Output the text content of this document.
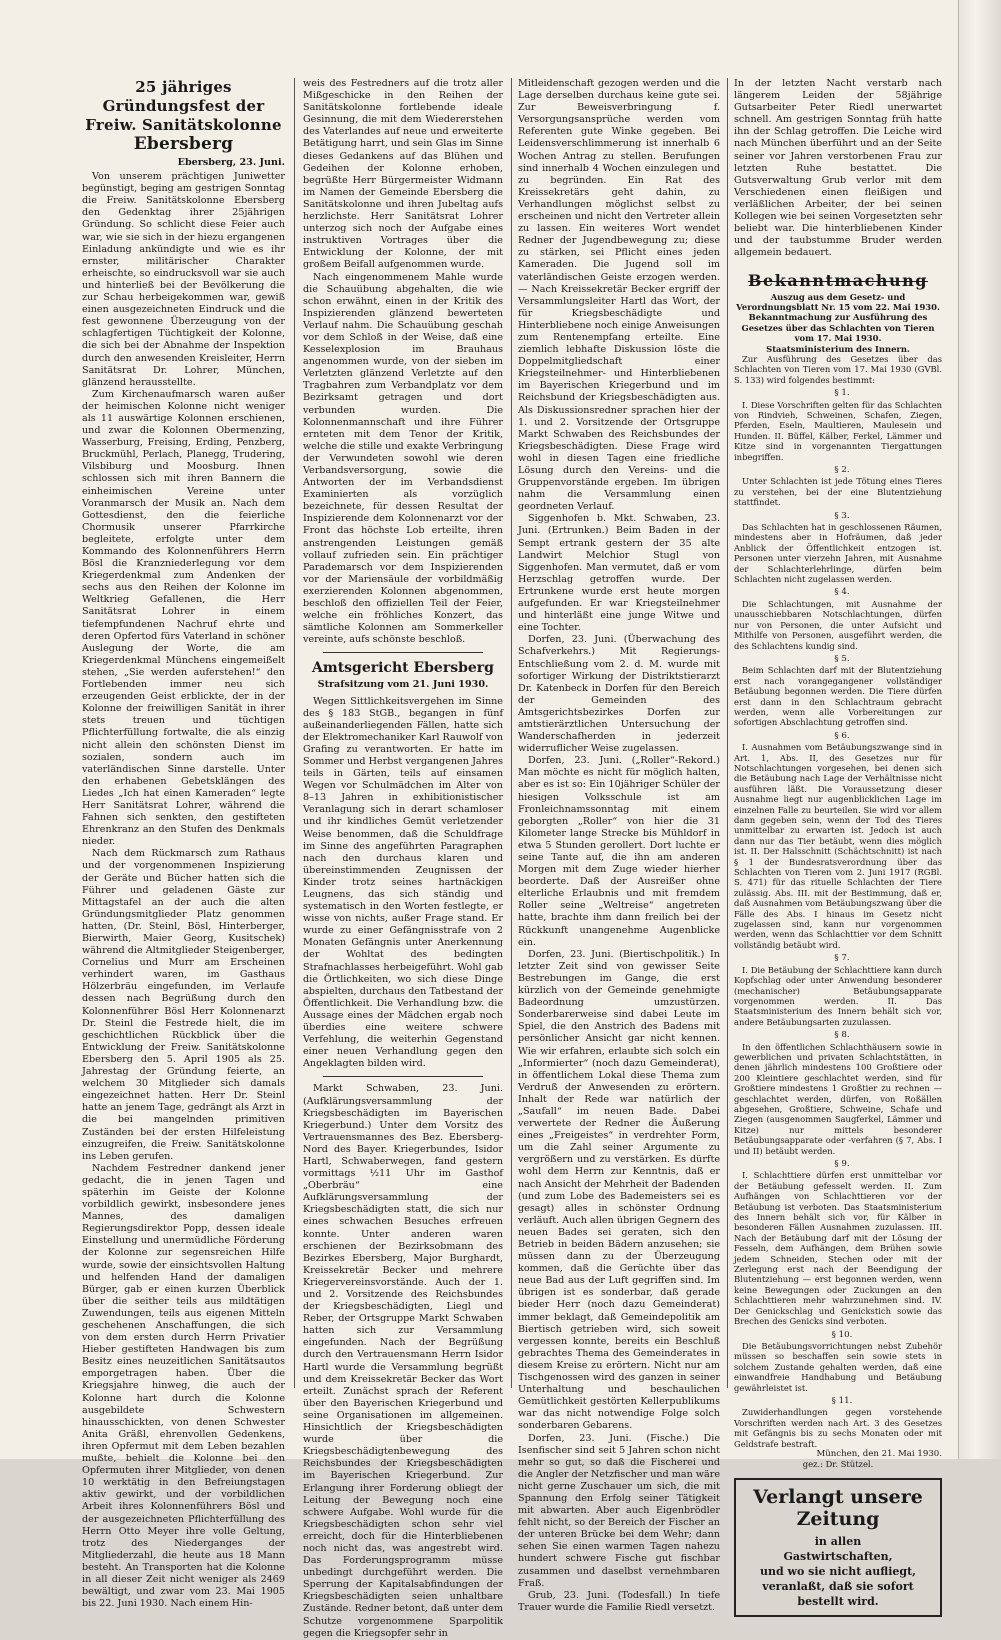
25 jähriges Gründungsfest der
Freiw. Sanitätskolonne
Ebersberg
Ebersberg, 23. Juni.

Von unserem prächtigen Juniwetter begünstigt, beging am gestrigen Sonntag die Freiw. Sanitätskolonne Ebersberg den Gedenktag ihrer 25jährigen Gründung. So schlicht diese Feier auch war, wie sie sich in der hiezu ergangenen Einladung ankündigte und wie es ihr ernster, militärischer Charakter erheischte, so eindrucksvoll war sie auch und hinterließ bei der Bevölkerung die zur Schau herbeigekommen war, gewiß einen ausgezeichneten Eindruck und die fest gewonnene Überzeugung von der schlagfertigen Tüchtigkeit der Kolonne, die sich bei der Abnahme der Inspektion durch den anwesenden Kreisleiter, Herrn Sanitätsrat Dr. Lohrer, München, glänzend herausstellte.

Zum Kirchenaufmarsch waren außer der heimischen Kolonne nicht weniger als 11 auswärtige Kolonnen erschienen, und zwar die Kolonnen Obermenzing, Wasserburg, Freising, Erding, Penzberg, Bruckmühl, Perlach, Planegg, Trudering, Vilsbiburg und Moosburg. Ihnen schlossen sich mit ihren Bannern die einheimischen Vereine unter Voranmarsch der Musik an. Nach dem Gottesdienst, den die feierliche Chormusik unserer Pfarrkirche begleitete, erfolgte unter dem Kommando des Kolonnenführers Herrn Bösl die Kranzniederlegung vor dem Kriegerdenkmal zum Andenken der sechs aus den Reihen der Kolonne im Weltkrieg Gefallenen, die Herr Sanitätsrat Lohrer in einem tiefempfundenen Nachruf ehrte und deren Opfertod fürs Vaterland in schöner Auslegung der Worte, die am Kriegerdenkmal Münchens eingemeißelt stehen, „Sie werden auferstehen!“ den Fortlebenden immer neu sich erzeugenden Geist erblickte, der in der Kolonne der freiwilligen Sanität in ihrer stets treuen und tüchtigen Pflichterfüllung fortwalte, die als einzig nicht allein den schönsten Dienst im sozialen, sondern auch im vaterländischen Sinne darstelle. Unter den erhabenen Gebetsklängen des Liedes „Ich hat einen Kameraden“ legte Herr Sanitätsrat Lohrer, während die Fahnen sich senkten, den gestifteten Ehrenkranz an den Stufen des Denkmals nieder.

Nach dem Rückmarsch zum Rathaus und der vorgenommenen Inspizierung der Geräte und Bücher hatten sich die Führer und geladenen Gäste zur Mittagstafel an der auch die alten Gründungsmitglieder Platz genommen hatten, (Dr. Steinl, Bösl, Hinterberger, Bierwirth, Maier Georg, Kusitschek) während die Altmitglieder Steigenberger, Cornelius und Murr am Erscheinen verhindert waren, im Gasthaus Hölzerbräu eingefunden, im Verlaufe dessen nach Begrüßung durch den Kolonnenführer Bösl Herr Kolonnenarzt Dr. Steinl die Festrede hielt, die im geschichtlichen Rückblick über die Entwicklung der Freiw. Sanitätskolonne Ebersberg den 5. April 1905 als 25. Jahrestag der Gründung feierte, an welchem 30 Mitglieder sich damals eingezeichnet hatten. Herr Dr. Steinl hatte an jenem Tage, gedrängt als Arzt in die bei mangelnden primitiven Zuständen bei der ersten Hilfeleistung einzugreifen, die Freiw. Sanitätskolonne ins Leben gerufen.

Nachdem Festredner dankend jener gedacht, die in jenen Tagen und späterhin im Geiste der Kolonne vorbildlich gewirkt, insbesondere jenes Mannes, des damaligen Regierungsdirektor Popp, dessen ideale Einstellung und unermüdliche Förderung der Kolonne zur segensreichen Hilfe wurde, sowie der einsichtsvollen Haltung und helfenden Hand der damaligen Bürger, gab er einen kurzen Überblick über die seither teils aus mildtätigen Zuwendungen, teils aus eigenen Mitteln geschehenen Anschaffungen, die sich von dem ersten durch Herrn Privatier Hieber gestifteten Handwagen bis zum Besitz eines neuzeitlichen Sanitätsautos emporgetragen haben. Über die Kriegsjahre hinweg, die auch der Kolonne hart durch die Kolonne ausgebildete Schwestern hinausschickten, von denen Schwester Anita Gräßl, ehrenvollen Gedenkens, ihren Opfermut mit dem Leben bezahlen mußte, behielt die Kolonne bei den Opfermuten ihrer Mitglieder, von denen 10 werktätig in den Befreiungstagen aktiv gewirkt, und der vorbildlichen Arbeit ihres Kolonnenführers Bösl und der ausgezeichneten Pflichterfüllung des Herrn Otto Meyer ihre volle Geltung, trotz des Niederganges der Mitgliederzahl, die heute aus 18 Mann besteht. An Transporten hat die Kolonne in all dieser Zeit nicht weniger als 2469 bewältigt, und zwar vom 23. Mai 1905 bis 22. Juni 1930. Nach einem Hin-

weis des Festredners auf die trotz aller Mißgeschicke in den Reihen der Sanitätskolonne fortlebende ideale Gesinnung, die mit dem Wiedererstehen des Vaterlandes auf neue und erweiterte Betätigung harrt, und sein Glas im Sinne dieses Gedankens auf das Blühen und Gedeihen der Kolonne erhoben, begrüßte Herr Bürgermeister Widmann im Namen der Gemeinde Ebersberg die Sanitätskolonne und ihren Jubeltag aufs herzlichste. Herr Sanitätsrat Lohrer unterzog sich noch der Aufgabe eines instruktiven Vortrages über die Entwicklung der Kolonne, der mit großem Beifall aufgenommen wurde.

Nach eingenommenem Mahle wurde die Schauübung abgehalten, die wie schon erwähnt, einen in der Kritik des Inspizierenden glänzend bewerteten Verlauf nahm. Die Schauübung geschah vor dem Schloß in der Weise, daß eine Kesselexplosion im Brauhaus angenommen wurde, von der sieben im Verletzten glänzend Verletzte auf den Tragbahren zum Verbandplatz vor dem Bezirksamt getragen und dort verbunden wurden. Die Kolonnenmannschaft und ihre Führer ernteten mit dem Tenor der Kritik, welche die stille und exakte Verbringung der Verwundeten sowohl wie deren Verbandsversorgung, sowie die Antworten der im Verbandsdienst Examinierten als vorzüglich bezeichnete, für dessen Resultat der Inspizierende dem Kolonnenarzt vor der Front das höchste Lob erteilte, ihren anstrengenden Leistungen gemäß vollauf zufrieden sein. Ein prächtiger Parademarsch vor dem Inspizierenden vor der Mariensäule der vorbildmäßig exerzierenden Kolonnen abgenommen, beschloß den offiziellen Teil der Feier, welche ein fröhliches Konzert, das sämtliche Kolonnen am Sommerkeller vereinte, aufs schönste beschloß.

Amtsgericht Ebersberg
Strafsitzung vom 21. Juni 1930.

Wegen Sittlichkeitsvergehen im Sinne des § 183 StGB., begangen in fünf außeinanderliegenden Fällen, hatte sich der Elektromechaniker Karl Rauwolf von Grafing zu verantworten. Er hatte im Sommer und Herbst vergangenen Jahres teils in Gärten, teils auf einsamen Wegen vor Schulmädchen im Alter von 8–13 Jahren in exhibitionistischer Veranlagung sich in derart schamloser und ihr kindliches Gemüt verletzender Weise benommen, daß die Schuldfrage im Sinne des angeführten Paragraphen nach den durchaus klaren und übereinstimmenden Zeugnissen der Kinder trotz seines hartnäckigen Leugnens, das sich ständig und systematisch in den Worten festlegte, er wisse von nichts, außer Frage stand. Er wurde zu einer Gefängnisstrafe von 2 Monaten Gefängnis unter Anerkennung der Wohltat des bedingten Strafnachlasses herbeigeführt. Wohl gab die Örtlichkeiten, wo sich diese Dinge abspielten, durchaus den Tatbestand der Öffentlichkeit. Die Verhandlung bzw. die Aussage eines der Mädchen ergab noch überdies eine weitere schwere Verfehlung, die weiterhin Gegenstand einer neuen Verhandlung gegen den Angeklagten bilden wird.

Markt Schwaben, 23. Juni. (Aufklärungsversammlung der Kriegsbeschädigten im Bayerischen Kriegerbund.) Unter dem Vorsitz des Vertrauensmannes des Bez. Ebersberg-Nord des Bayer. Kriegerbundes, Isidor Hartl, Schwaberwegen, fand gestern vormittags ½11 Uhr im Gasthof „Oberbräu“ eine Aufklärungsversammlung der Kriegsbeschädigten statt, die sich nur eines schwachen Besuches erfreuen konnte. Unter anderen waren erschienen der Bezirksobmann des Bezirkes Ebersberg, Major Burghardt, Kreissekretär Becker und mehrere Kriegervereinsvorstände. Auch der 1. und 2. Vorsitzende des Reichsbundes der Kriegsbeschädigten, Liegl und Reber, der Ortsgruppe Markt Schwaben hatten sich zur Versammlung eingefunden. Nach der Begrüßung durch den Vertrauensmann Herrn Isidor Hartl wurde die Versammlung begrüßt und dem Kreissekretär Becker das Wort erteilt. Zunächst sprach der Referent über den Bayerischen Kriegerbund und seine Organisationen im allgemeinen. Hinsichtlich der Kriegsbeschädigten wurde über die Kriegsbeschädigtenbewegung des Reichsbundes der Kriegsbeschädigten im Bayerischen Kriegerbund. Zur Erlangung ihrer Forderung obliegt der Leitung der Bewegung noch eine schwere Aufgabe. Wohl wurde für die Kriegsbeschädigten schon sehr viel erreicht, doch für die Hinterbliebenen noch nicht das, was angestrebt wird. Das Forderungsprogramm müsse unbedingt durchgeführt werden. Die Sperrung der Kapitalsabfindungen der Kriegsbeschädigten seien unhaltbare Zustände. Redner betont, daß unter dem Schutze vorgenommene Sparpolitik gegen die Kriegsopfer sehr in

Mitleidenschaft gezogen werden und die Lage derselben durchaus keine gute sei. Zur Beweisverbringung f. Versorgungsansprüche werden vom Referenten gute Winke gegeben. Bei Leidensverschlimmerung ist innerhalb 6 Wochen Antrag zu stellen. Berufungen sind innerhalb 4 Wochen einzulegen und zu begründen. Ein Rat des Kreissekretärs geht dahin, zu Verhandlungen möglichst selbst zu erscheinen und nicht den Vertreter allein zu lassen. Ein weiteres Wort wendet Redner der Jugendbewegung zu; diese zu stärken, sei Pflicht eines jeden Kameraden. Die Jugend soll im vaterländischen Geiste erzogen werden. — Nach Kreissekretär Becker ergriff der Versammlungsleiter Hartl das Wort, der für Kriegsbeschädigte und Hinterbliebene noch einige Anweisungen zum Rentenempfang erteilte. Eine ziemlich lebhafte Diskussion löste die Doppelmitgliedschaft einer Kriegsteilnehmer- und Hinterbliebenen im Bayerischen Kriegerbund und im Reichsbund der Kriegsbeschädigten aus. Als Diskussionsredner sprachen hier der 1. und 2. Vorsitzende der Ortsgruppe Markt Schwaben des Reichsbundes der Kriegsbeschädigten. Diese Frage wird wohl in diesen Tagen eine friedliche Lösung durch den Vereins- und die Gruppenvorstände ergeben. Im übrigen nahm die Versammlung einen geordneten Verlauf.

Siggenhofen b. Mkt. Schwaben, 23. Juni. (Ertrunken.) Beim Baden in der Sempt ertrank gestern der 35 alte Landwirt Melchior Stugl von Siggenhofen. Man vermutet, daß er vom Herzschlag getroffen wurde. Der Ertrunkene wurde erst heute morgen aufgefunden. Er war Kriegsteilnehmer und hinterläßt eine junge Witwe und eine Tochter.

Dorfen, 23. Juni. (Überwachung des Schafverkehrs.) Mit Regierungs-Entschließung vom 2. d. M. wurde mit sofortiger Wirkung der Distriktstierarzt Dr. Katenbeck in Dorfen für den Bereich der Gemeinden des Amtsgerichtsbezirkes Dorfen zur amtstierärztlichen Untersuchung der Wanderschafherden in jederzeit widerruflicher Weise zugelassen.

Dorfen, 23. Juni. („Roller“-Rekord.) Man möchte es nicht für möglich halten, aber es ist so: Ein 10jähriger Schüler der hiesigen Volksschule ist am Fronleichnamssonntag mit einem geborgten „Roller“ von hier die 31 Kilometer lange Strecke bis Mühldorf in etwa 5 Stunden gerollert. Dort luchte er seine Tante auf, die ihn am anderen Morgen mit dem Zuge wieder hierher beorderte. Daß der Ausreißer ohne elterliche Erlaubnis und mit fremdem Roller seine „Weltreise“ angetreten hatte, brachte ihm dann freilich bei der Rückkunft unangenehme Augenblicke ein.

Dorfen, 23. Juni. (Biertischpolitik.) In letzter Zeit sind von gewisser Seite Bestrebungen im Gange, die erst kürzlich von der Gemeinde genehmigte Badeordnung umzustürzen. Sonderbarerweise sind dabei Leute im Spiel, die den Anstrich des Badens mit persönlicher Ansicht gar nicht kennen. Wie wir erfahren, erlaubte sich solch ein „Informierter“ (noch dazu Gemeinderat), in öffentlichem Lokal diese Thema zum Verdruß der Anwesenden zu erörtern. Inhalt der Rede war natürlich der „Saufall“ im neuen Bade. Dabei verwertete der Redner die Äußerung eines „Freigeistes“ in verdrehter Form, um die Zahl seiner Argumente zu vergrößern und zu verstärken. Es dürfte wohl dem Herrn zur Kenntnis, daß er nach Ansicht der Mehrheit der Badenden (und zum Lobe des Bademeisters sei es gesagt) alles in schönster Ordnung verläuft. Auch allen übrigen Gegnern des neuen Bades sei geraten, sich den Betrieb in beiden Bädern anzusehen; sie müssen dann zu der Überzeugung kommen, daß die Gerüchte über das neue Bad aus der Luft gegriffen sind. Im übrigen ist es sonderbar, daß gerade bieder Herr (noch dazu Gemeinderat) immer beklagt, daß Gemeindepolitik am Biertisch getrieben wird, sich soweit vergessen konnte, bereits ein Beschluß gebrachtes Thema des Gemeinderates in diesem Kreise zu erörtern. Nicht nur am Tischgenossen wird des ganzen in seiner Unterhaltung und beschaulichen Gemütlichkeit gestörten Kellerpublikums war das nicht notwendige Folge solch sonderbaren Gebarens.

Dorfen, 23. Juni. (Fische.) Die Isenfischer sind seit 5 Jahren schon nicht mehr so gut, so daß die Fischerei und die Angler der Netzfischer und man wäre nicht gerne Zuschauer um sich, die mit Spannung den Erfolg seiner Tätigkeit mit abwarten. Aber auch Eigenbrödler fehlt nicht, so der Bereich der Fischer an der unteren Brücke bei dem Wehr; dann sehen Sie einen warmen Tagen nahezu hundert schwere Fische gut fischbar zusammen und daselbst vernehmbaren Fraß.

Grub, 23. Juni. (Todesfall.) In tiefe Trauer wurde die Familie Riedl versetzt.

In der letzten Nacht verstarb nach längerem Leiden der 58jährige Gutsarbeiter Peter Riedl unerwartet schnell. Am gestrigen Sonntag früh hatte ihn der Schlag getroffen. Die Leiche wird nach München überführt und an der Seite seiner vor Jahren verstorbenen Frau zur letzten Ruhe bestattet. Die Gutsverwaltung Grub verlor mit dem Verschiedenen einen fleißigen und verläßlichen Arbeiter, der bei seinen Kollegen wie bei seinen Vorgesetzten sehr beliebt war. Die hinterbliebenen Kinder und der taubstumme Bruder werden allgemein bedauert.

Bekanntmachung

Auszug aus dem Gesetz- und Verordnungsblatt Nr. 15 vom 22. Mai 1930.

Bekanntmachung zur Ausführung des Gesetzes über das Schlachten von Tieren vom 17. Mai 1930.

Staatsministerium des Innern.

Zur Ausführung des Gesetzes über das Schlachten von Tieren vom 17. Mai 1930 (GVBl. S. 133) wird folgendes bestimmt:

§ 1.

I. Diese Vorschriften gelten für das Schlachten von Rindvieh, Schweinen, Schafen, Ziegen, Pferden, Eseln, Maultieren, Maulesein und Hunden. II. Büffel, Kälber, Ferkel, Lämmer und Kitze sind in vorgenannten Tiergattungen inbegriffen.

§ 2.

Unter Schlachten ist jede Tötung eines Tieres zu verstehen, bei der eine Blutentziehung stattfindet.

§ 3.

Das Schlachten hat in geschlossenen Räumen, mindestens aber in Hofräumen, daß jeder Anblick der Öffentlichkeit entzogen ist. Personen unter vierzehn Jahren, mit Ausnahme der Schlachterlehrlinge, dürfen beim Schlachten nicht zugelassen werden.

§ 4.

Die Schlachtungen, mit Ausnahme der unausschiebbaren Notschlachtungen, dürfen nur von Personen, die unter Aufsicht und Mithilfe von Personen, ausgeführt werden, die des Schlachtens kundig sind.

§ 5.

Beim Schlachten darf mit der Blutentziehung erst nach vorangegangener vollständiger Betäubung begonnen werden. Die Tiere dürfen erst dann in den Schlachtraum gebracht werden, wenn alle Vorbereitungen zur sofortigen Abschlachtung getroffen sind.

§ 6.

I. Ausnahmen vom Betäubungszwange sind in Art. 1, Abs. II, des Gesetzes nur für Notschlachtungen vorgesehen, bei denen sich die Betäubung nach Lage der Verhältnisse nicht ausführen läßt. Die Voraussetzung dieser Ausnahme liegt nur augenblicklichen Lage im einzelnen Falle zu beurteilen. Sie wird vor allem dann gegeben sein, wenn der Tod des Tieres unmittelbar zu erwarten ist. Jedoch ist auch dann nur das Tier betäubt, wenn dies möglich ist. II. Der Halsschnitt (Schächtschnitt) ist nach § 1 der Bundesratsverordnung über das Schlachten von Tieren vom 2. Juni 1917 (RGBl. S. 471) für das rituelle Schlachten der Tiere zulässig. Abs. III. mit der Bestimmung, daß er, daß Ausnahmen vom Betäubungszwang über die Fälle des Abs. I hinaus im Gesetz nicht zugelassen sind, kann nur vorgenommen werden, wenn das Schlachttier vor dem Schnitt vollständig betäubt wird.

§ 7.

I. Die Betäubung der Schlachttiere kann durch Kopfschlag oder unter Anwendung besonderer (mechanischer) Betäubungsapparate vorgenommen werden. II. Das Staatsministerium des Innern behält sich vor, andere Betäubungsarten zuzulassen.

§ 8.

In den öffentlichen Schlachthäusern sowie in gewerblichen und privaten Schlachtstätten, in denen jährlich mindestens 100 Großtiere oder 200 Kleintiere geschlachtet werden, sind für Großtiere mindestens 1 Großtier zu rechnen — geschlachtet werden, dürfen, von Roßällen abgesehen, Großtiere, Schweine, Schafe und Ziegen (ausgenommen Saugferkel, Lämmer und Kitze) nur mittels besonderer Betäubungsapparate oder -verfahren (§ 7, Abs. I und II) betäubt werden.

§ 9.

I. Schlachttiere dürfen erst unmittelbar vor der Betäubung gefesselt werden. II. Zum Aufhängen von Schlachttieren vor der Betäubung ist verboten. Das Staatsministerium des Innern behält sich vor, für Kälber in besonderen Fällen Ausnahmen zuzulassen. III. Nach der Betäubung darf mit der Lösung der Fesseln, dem Aufhängen, dem Brühen sowie jedem Schneiden, Stechen oder mit der Zerlegung erst nach der Beendigung der Blutentziehung — erst begonnen werden, wenn keine Bewegungen oder Zuckungen an den Schlachttieren mehr wahrzunehmen sind. IV. Der Genickschlag und Genickstich sowie das Brechen des Genicks sind verboten.

§ 10.

Die Betäubungsvorrichtungen nebst Zubehör müssen so beschaffen sein sowie stets in solchem Zustande gehalten werden, daß eine einwandfreie Handhabung und Betäubung gewährleistet ist.

§ 11.

Zuwiderhandlungen gegen vorstehende Vorschriften werden nach Art. 3 des Gesetzes mit Gefängnis bis zu sechs Monaten oder mit Geldstrafe bestraft.

München, den 21. Mai 1930.

gez.: Dr. Stützel.

Verlangt unsere Zeitung
in allen
Gastwirtschaften,
und wo sie nicht aufliegt,
veranlaßt, daß sie sofort bestellt wird.
